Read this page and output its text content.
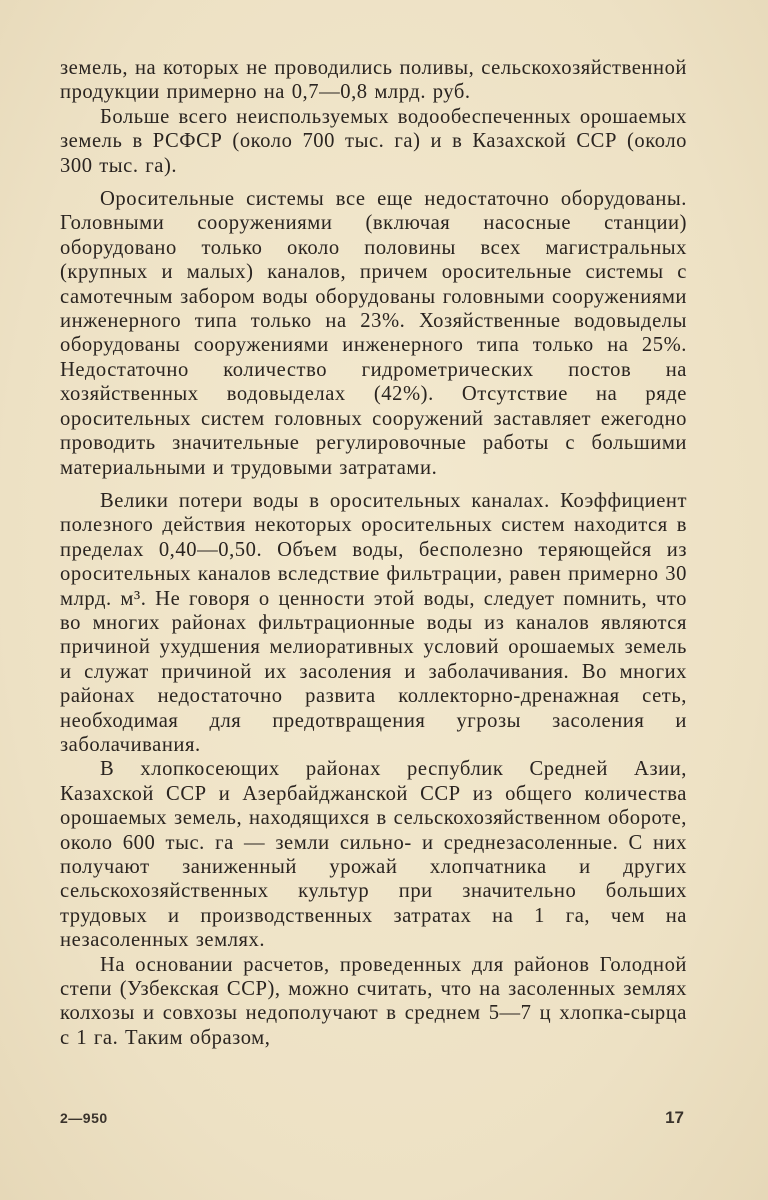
земель, на которых не проводились поливы, сельскохозяйственной продукции примерно на 0,7—0,8 млрд. руб.

Больше всего неиспользуемых водообеспеченных орошаемых земель в РСФСР (около 700 тыс. га) и в Казахской ССР (около 300 тыс. га).

Оросительные системы все еще недостаточно оборудованы. Головными сооружениями (включая насосные станции) оборудовано только около половины всех магистральных (крупных и малых) каналов, причем оросительные системы с самотечным забором воды оборудованы головными сооружениями инженерного типа только на 23%. Хозяйственные водовыделы оборудованы сооружениями инженерного типа только на 25%. Недостаточно количество гидрометрических постов на хозяйственных водовыделах (42%). Отсутствие на ряде оросительных систем головных сооружений заставляет ежегодно проводить значительные регулировочные работы с большими материальными и трудовыми затратами.

Велики потери воды в оросительных каналах. Коэффициент полезного действия некоторых оросительных систем находится в пределах 0,40—0,50. Объем воды, бесполезно теряющейся из оросительных каналов вследствие фильтрации, равен примерно 30 млрд. м³. Не говоря о ценности этой воды, следует помнить, что во многих районах фильтрационные воды из каналов являются причиной ухудшения мелиоративных условий орошаемых земель и служат причиной их засоления и заболачивания. Во многих районах недостаточно развита коллекторно-дренажная сеть, необходимая для предотвращения угрозы засоления и заболачивания.

В хлопкосеющих районах республик Средней Азии, Казахской ССР и Азербайджанской ССР из общего количества орошаемых земель, находящихся в сельскохозяйственном обороте, около 600 тыс. га — земли сильно- и среднезасоленные. С них получают заниженный урожай хлопчатника и других сельскохозяйственных культур при значительно больших трудовых и производственных затратах на 1 га, чем на незасоленных землях.

На основании расчетов, проведенных для районов Голодной степи (Узбекская ССР), можно считать, что на засоленных землях колхозы и совхозы недополучают в среднем 5—7 ц хлопка-сырца с 1 га. Таким образом,

2—950	17
